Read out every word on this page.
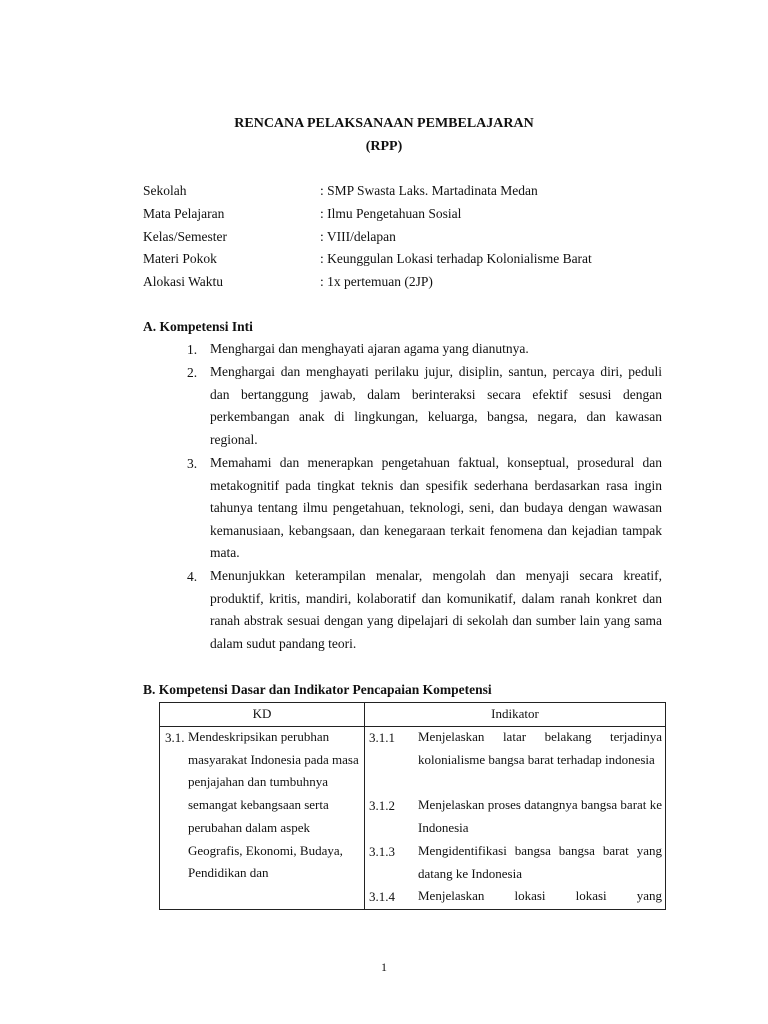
RENCANA PELAKSANAAN PEMBELAJARAN
(RPP)
Sekolah	: SMP Swasta Laks. Martadinata Medan
Mata Pelajaran	: Ilmu Pengetahuan Sosial
Kelas/Semester	: VIII/delapan
Materi Pokok	: Keunggulan Lokasi terhadap Kolonialisme Barat
Alokasi Waktu	: 1x pertemuan (2JP)
A. Kompetensi Inti
1. Menghargai dan menghayati ajaran agama yang dianutnya.
2. Menghargai dan menghayati perilaku jujur, disiplin, santun, percaya diri, peduli dan bertanggung jawab, dalam berinteraksi secara efektif sesusi dengan perkembangan anak di lingkungan, keluarga, bangsa, negara, dan kawasan regional.
3. Memahami dan menerapkan pengetahuan faktual, konseptual, prosedural dan metakognitif pada tingkat teknis dan spesifik sederhana berdasarkan rasa ingin tahunya tentang ilmu pengetahuan, teknologi, seni, dan budaya dengan wawasan kemanusiaan, kebangsaan, dan kenegaraan terkait fenomena dan kejadian tampak mata.
4. Menunjukkan keterampilan menalar, mengolah dan menyaji secara kreatif, produktif, kritis, mandiri, kolaboratif dan komunikatif, dalam ranah konkret dan ranah abstrak sesuai dengan yang dipelajari di sekolah dan sumber lain yang sama dalam sudut pandang teori.
B. Kompetensi Dasar dan Indikator Pencapaian Kompetensi
KD	Indikator
3.1. Mendeskripsikan perubhan masyarakat Indonesia pada masa penjajahan dan tumbuhnya semangat kebangsaan serta perubahan dalam aspek Geografis, Ekonomi, Budaya, Pendidikan dan
3.1.1 Menjelaskan latar belakang terjadinya kolonialisme bangsa barat terhadap indonesia
3.1.2 Menjelaskan proses datangnya bangsa barat ke Indonesia
3.1.3 Mengidentifikasi bangsa bangsa barat yang datang ke Indonesia
3.1.4 Menjelaskan lokasi lokasi yang
1
